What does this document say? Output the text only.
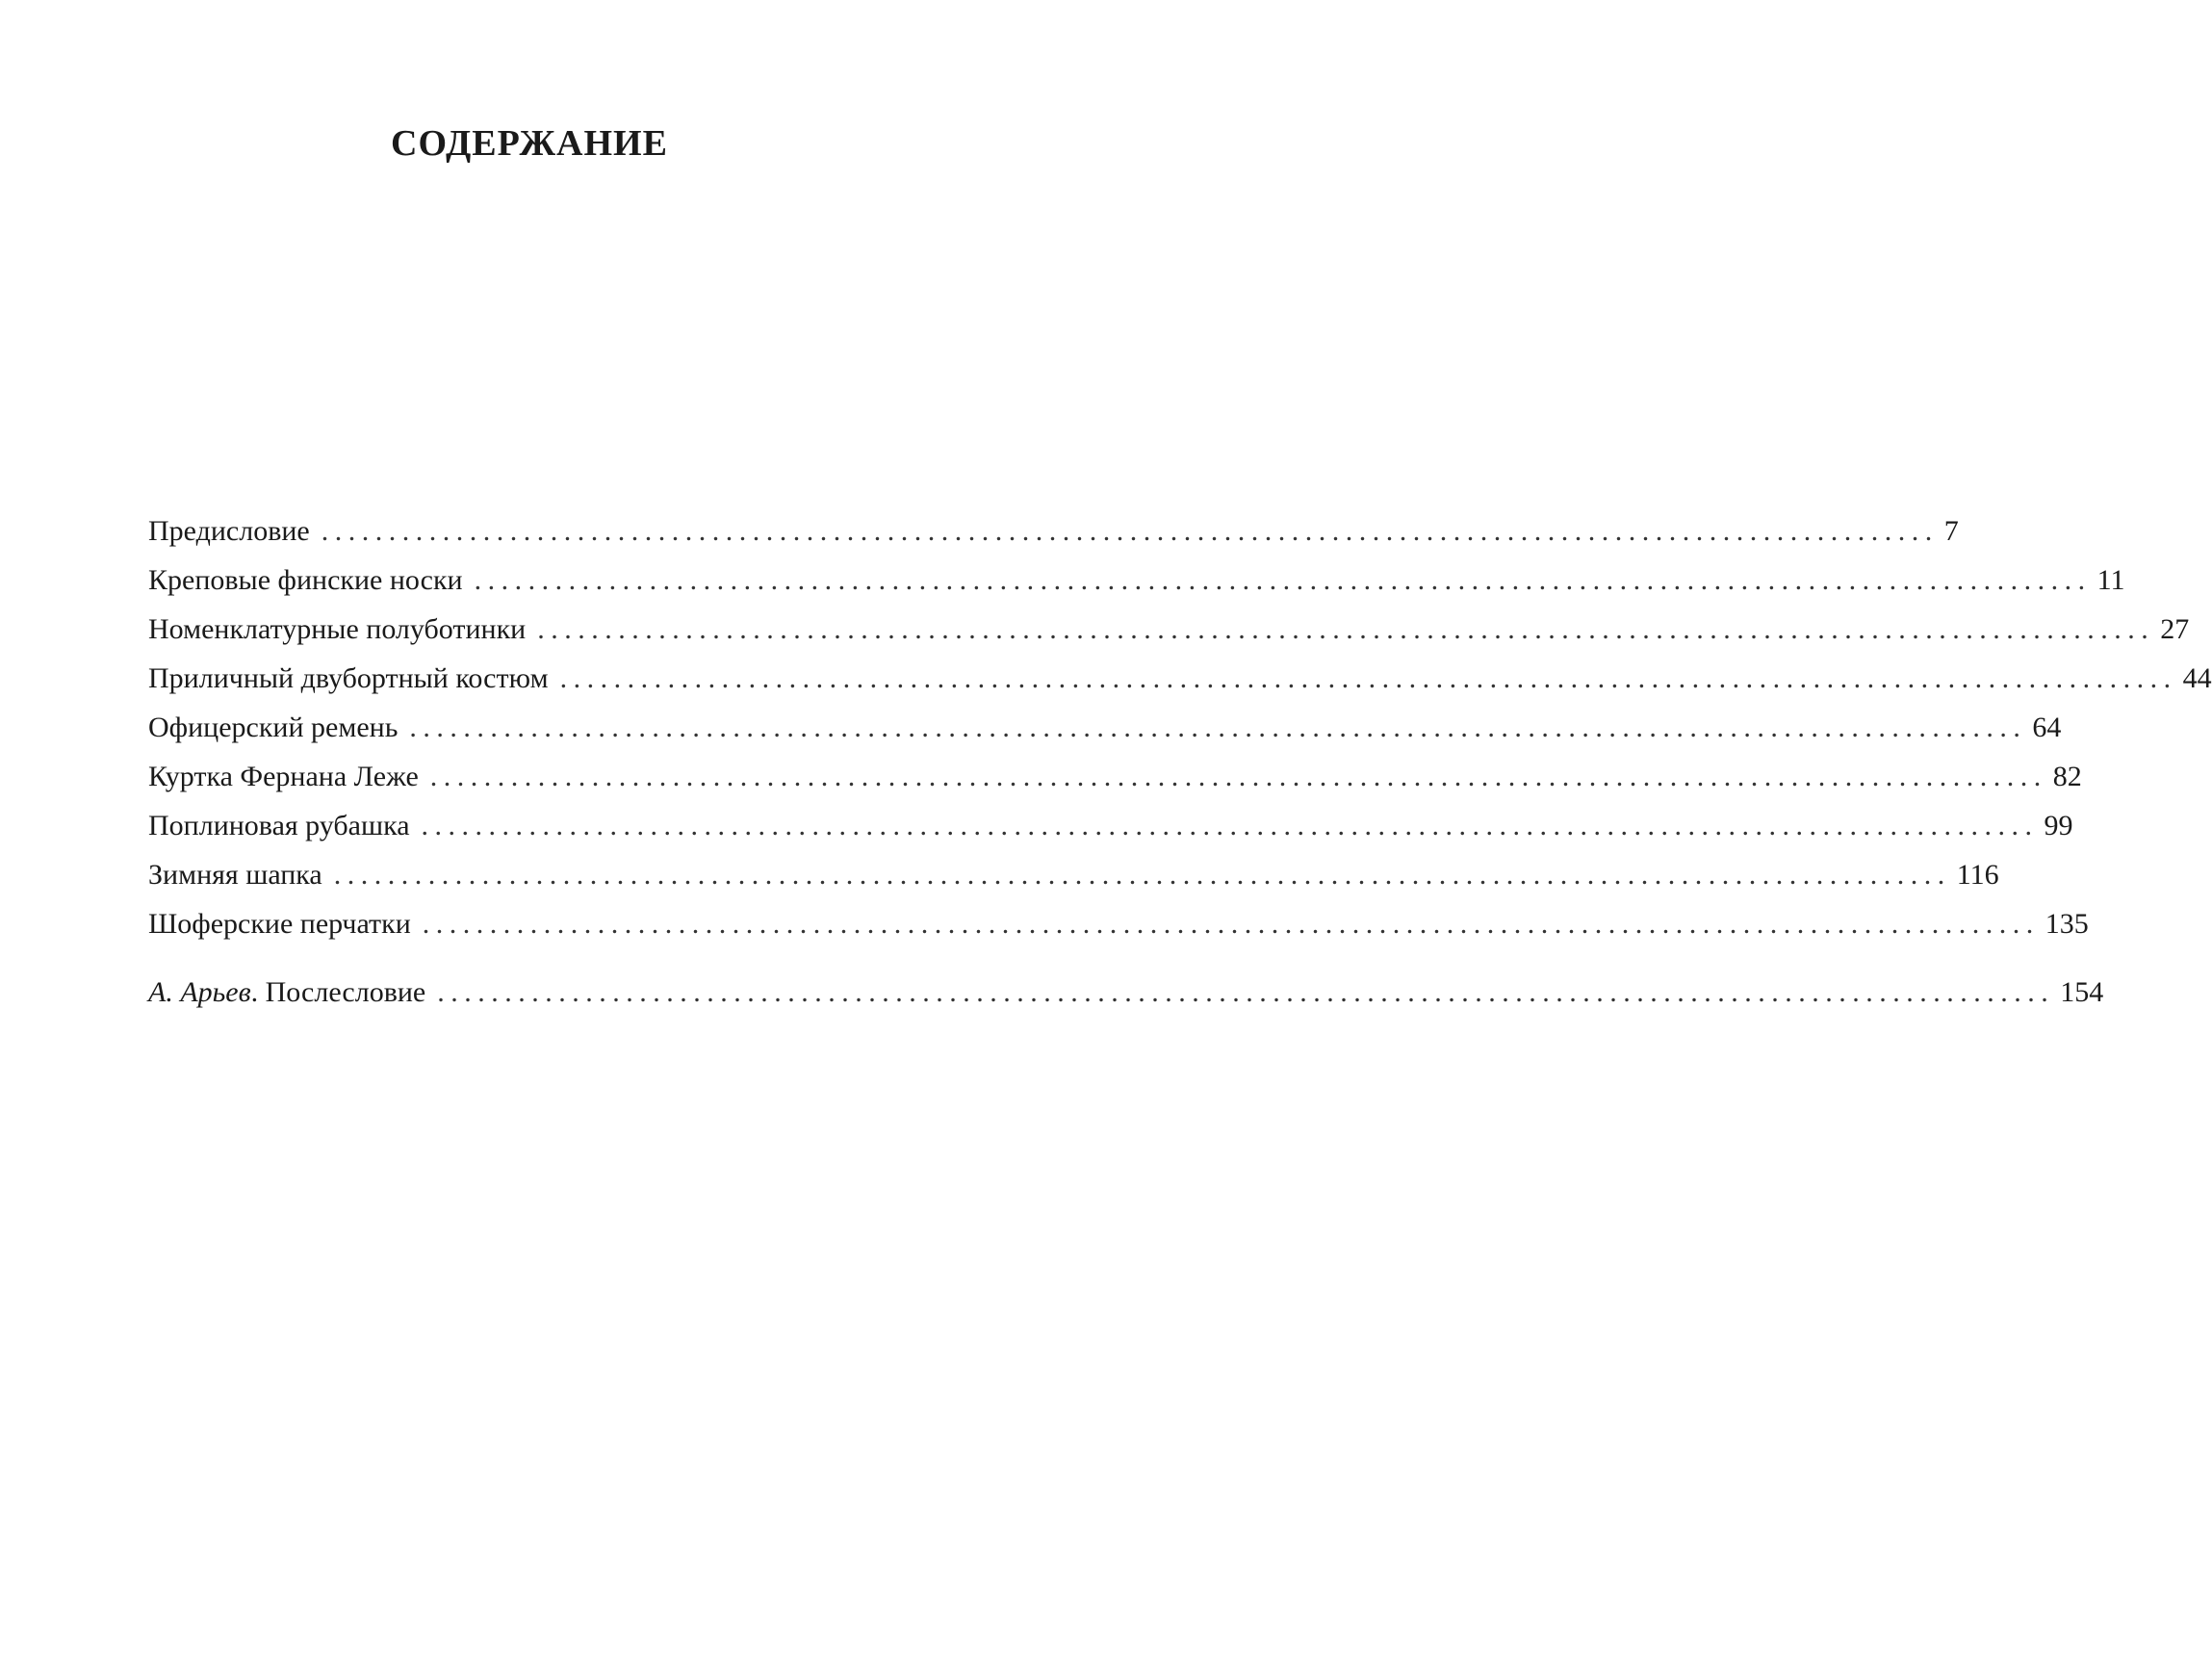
СОДЕРЖАНИЕ
Предисловие ........................................................................................................................ 7
Креповые финские носки ........................................................................................................................ 11
Номенклатурные полуботинки ........................................................................................................................ 27
Приличный двубортный костюм ........................................................................................................................ 44
Офицерский ремень ........................................................................................................................ 64
Куртка Фернана Леже ........................................................................................................................ 82
Поплиновая рубашка ........................................................................................................................ 99
Зимняя шапка ........................................................................................................................ 116
Шоферские перчатки ........................................................................................................................ 135
А. Арьев. Послесловие ........................................................................................................................ 154
